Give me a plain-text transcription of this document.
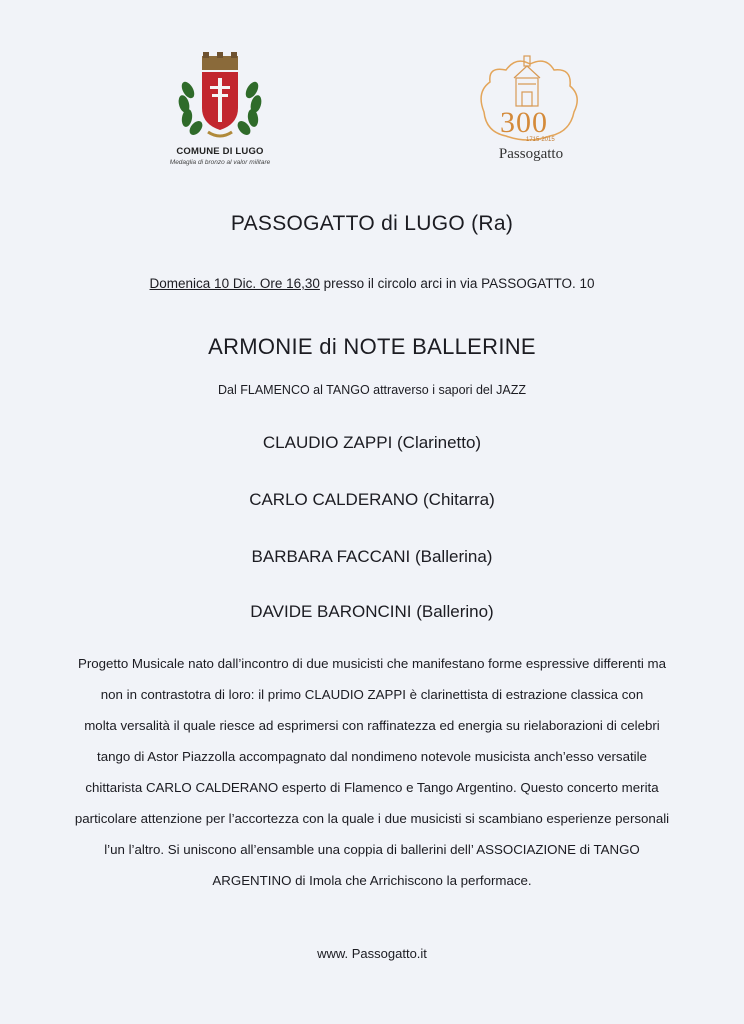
COMUNE DI LUGO
Medaglia di bronzo al valor militare
300
1715-2015
Passogatto
PASSOGATTO di LUGO (Ra)
Domenica 10 Dic. Ore 16,30 presso il circolo arci in via PASSOGATTO. 10
ARMONIE di NOTE BALLERINE
Dal FLAMENCO al TANGO attraverso i sapori del JAZZ
CLAUDIO ZAPPI (Clarinetto)
CARLO CALDERANO (Chitarra)
BARBARA FACCANI (Ballerina)
DAVIDE BARONCINI (Ballerino)
Progetto Musicale nato dall’incontro di due musicisti che manifestano forme espressive differenti ma
non in contrastotra di loro: il primo CLAUDIO ZAPPI è clarinettista di estrazione classica con
molta versalità il quale riesce ad esprimersi con raffinatezza ed energia su rielaborazioni di celebri
tango di Astor Piazzolla accompagnato dal nondimeno notevole musicista anch’esso versatile
chittarista CARLO CALDERANO esperto di Flamenco e Tango Argentino. Questo concerto merita
particolare attenzione per l’accortezza con la quale i due musicisti si scambiano esperienze personali
l’un l’altro. Si uniscono all’ensamble una coppia di ballerini dell’ ASSOCIAZIONE di TANGO
ARGENTINO di Imola che Arrichiscono la performace.
www. Passogatto.it
